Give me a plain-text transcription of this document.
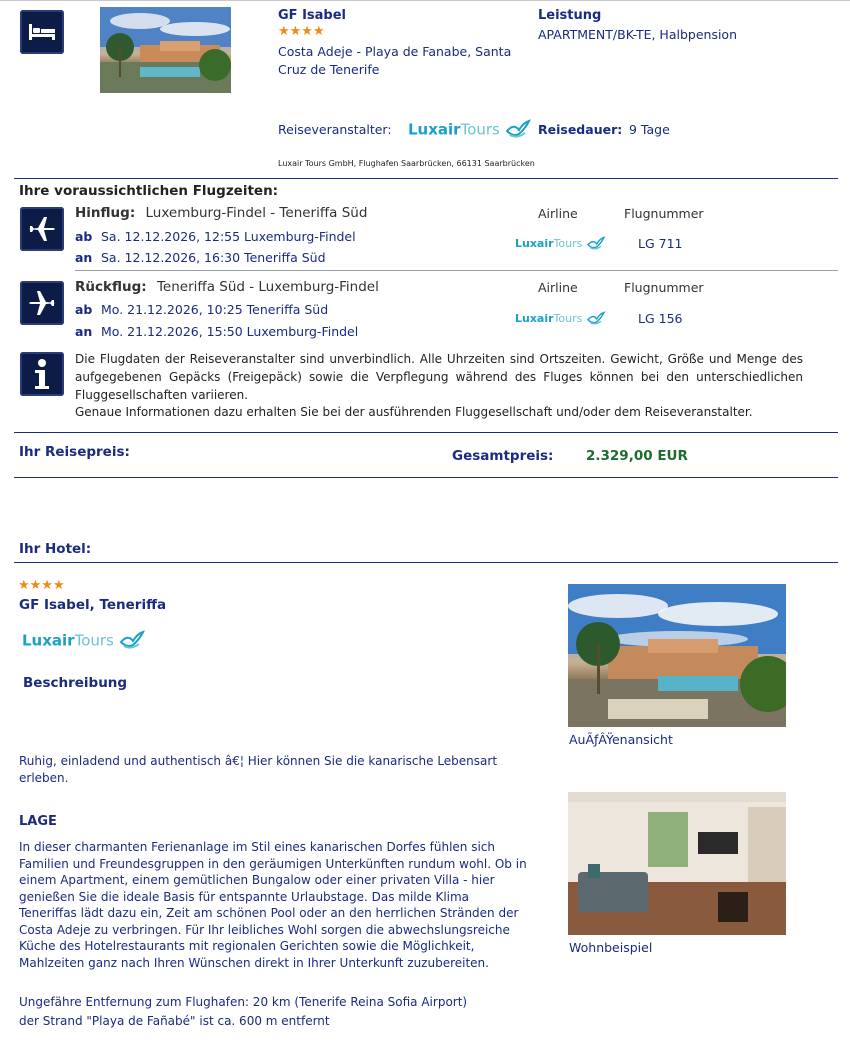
GF Isabel
★★★★
Costa Adeje - Playa de Fanabe, Santa Cruz de Tenerife
Leistung
APARTMENT/BK-TE, Halbpension
Reiseveranstalter: LuxairTours	Reisedauer: 9 Tage
Luxair Tours GmbH, Flughafen Saarbrücken, 66131 Saarbrücken
Ihre voraussichtlichen Flugzeiten:
Hinflug: Luxemburg-Findel - Teneriffa Süd
ab Sa. 12.12.2026, 12:55 Luxemburg-Findel
an Sa. 12.12.2026, 16:30 Teneriffa Süd
Airline	Flugnummer
LuxairTours	LG 711
Rückflug: Teneriffa Süd - Luxemburg-Findel
ab Mo. 21.12.2026, 10:25 Teneriffa Süd
an Mo. 21.12.2026, 15:50 Luxemburg-Findel
Airline	Flugnummer
LuxairTours	LG 156
Die Flugdaten der Reiseveranstalter sind unverbindlich. Alle Uhrzeiten sind Ortszeiten. Gewicht, Größe und Menge des aufgegebenen Gepäcks (Freigepäck) sowie die Verpflegung während des Fluges können bei den unterschiedlichen Fluggesellschaften variieren.
Genaue Informationen dazu erhalten Sie bei der ausführenden Fluggesellschaft und/oder dem Reiseveranstalter.
Ihr Reisepreis:	Gesamtpreis: 2.329,00 EUR
Ihr Hotel:
★★★★
GF Isabel, Teneriffa
LuxairTours
Beschreibung
Ruhig, einladend und authentisch â€¦ Hier können Sie die kanarische Lebensart erleben.
LAGE
In dieser charmanten Ferienanlage im Stil eines kanarischen Dorfes fühlen sich Familien und Freundesgruppen in den geräumigen Unterkünften rundum wohl. Ob in einem Apartment, einem gemütlichen Bungalow oder einer privaten Villa - hier genießen Sie die ideale Basis für entspannte Urlaubstage. Das milde Klima Teneriffas lädt dazu ein, Zeit am schönen Pool oder an den herrlichen Stränden der Costa Adeje zu verbringen. Für Ihr leibliches Wohl sorgen die abwechslungsreiche Küche des Hotelrestaurants mit regionalen Gerichten sowie die Möglichkeit, Mahlzeiten ganz nach Ihren Wünschen direkt in Ihrer Unterkunft zuzubereiten.
Ungefähre Entfernung zum Flughafen: 20 km (Tenerife Reina Sofia Airport)
der Strand "Playa de Fañabé" ist ca. 600 m entfernt
AuÃƒÂŸenansicht
Wohnbeispiel
